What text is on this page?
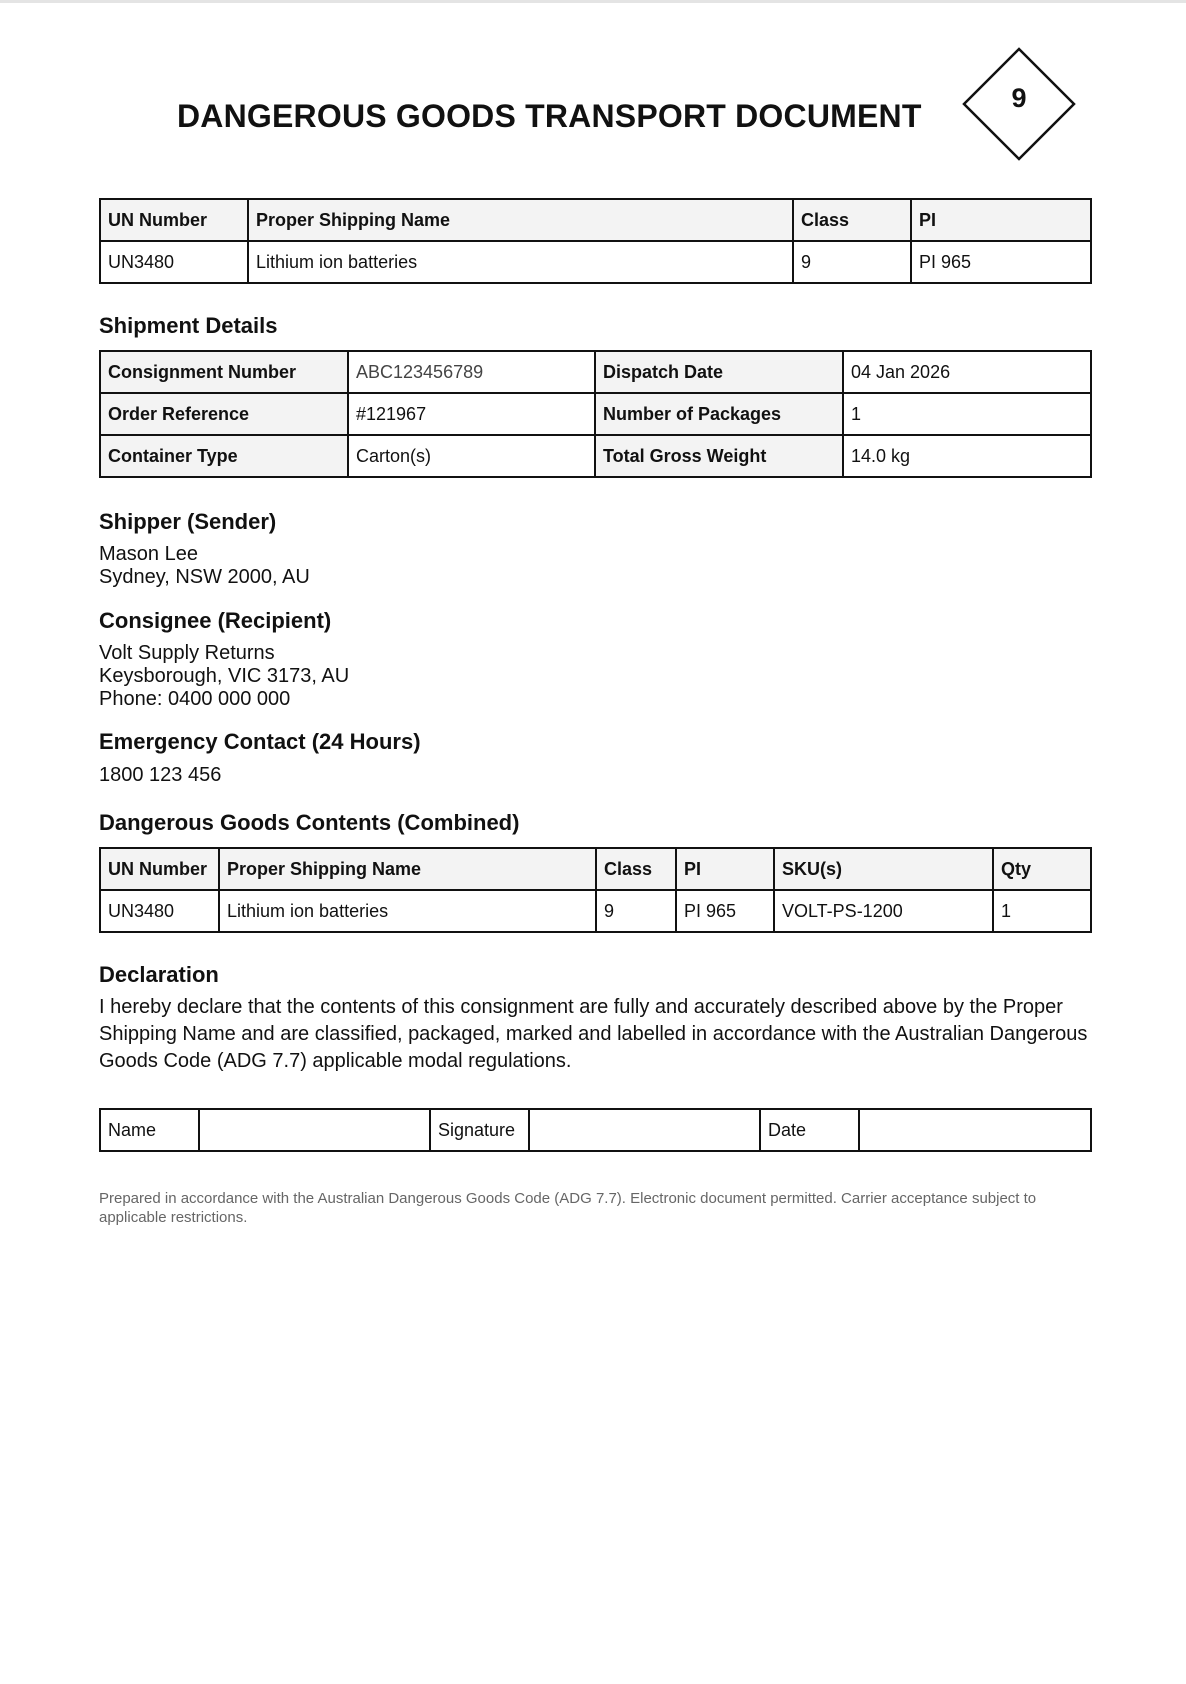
DANGEROUS GOODS TRANSPORT DOCUMENT	9
UN Number	Proper Shipping Name	Class	PI
UN3480	Lithium ion batteries	9	PI 965
Shipment Details
Consignment Number	ABC123456789	Dispatch Date	04 Jan 2026
Order Reference	#121967	Number of Packages	1
Container Type	Carton(s)	Total Gross Weight	14.0 kg
Shipper (Sender)
Mason Lee
Sydney, NSW 2000, AU
Consignee (Recipient)
Volt Supply Returns
Keysborough, VIC 3173, AU
Phone: 0400 000 000
Emergency Contact (24 Hours)
1800 123 456
Dangerous Goods Contents (Combined)
UN Number	Proper Shipping Name	Class	PI	SKU(s)	Qty
UN3480	Lithium ion batteries	9	PI 965	VOLT-PS-1200	1
Declaration
I hereby declare that the contents of this consignment are fully and accurately described above by the Proper Shipping Name and are classified, packaged, marked and labelled in accordance with the Australian Dangerous Goods Code (ADG 7.7) applicable modal regulations.
Name		Signature		Date	
Prepared in accordance with the Australian Dangerous Goods Code (ADG 7.7). Electronic document permitted. Carrier acceptance subject to applicable restrictions.
